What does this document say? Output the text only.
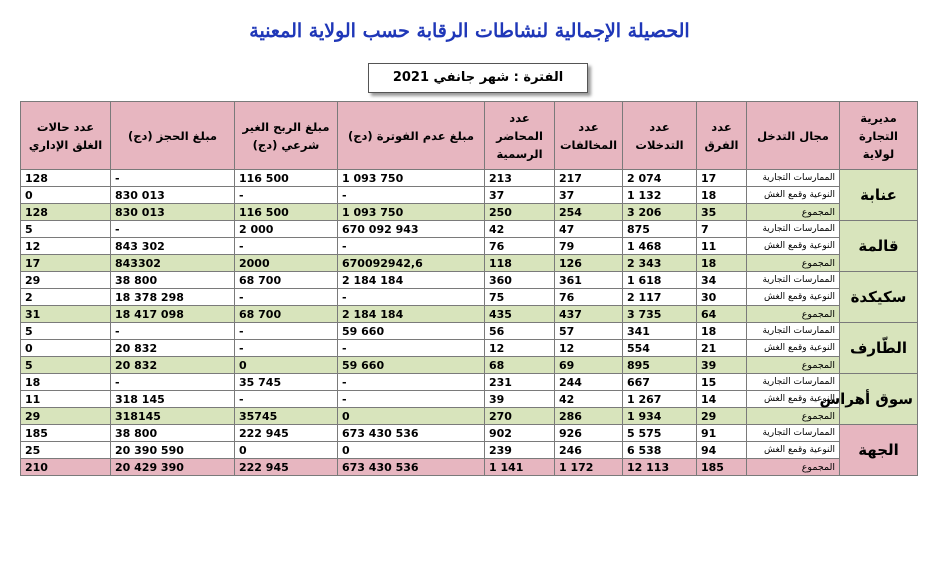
الحصيلة الإجمالية لنشاطات الرقابة حسب الولاية المعنية
الفترة : شهر جانفي 2021
مديرية التجارة لولاية	مجال التدخل	عدد الفرق	عدد التدخلات	عدد المخالفات	عدد المحاضر الرسمية	مبلغ عدم الفوترة (دج)	مبلغ الربح الغير شرعي (دج)	مبلغ الحجز (دج)	عدد حالات الغلق الإداري
عنابة	الممارسات التجارية	17	2 074	217	213	1 093 750	116 500	-	128
	النوعية وقمع الغش	18	1 132	37	37	-	-	830 013	0
	المجموع	35	3 206	254	250	1 093 750	116 500	830 013	128
قالمة	الممارسات التجارية	7	875	47	42	670 092 943	2 000	-	5
	النوعية وقمع الغش	11	1 468	79	76	-	-	843 302	12
	المجموع	18	2 343	126	118	670092942,6	2000	843302	17
سكيكدة	الممارسات التجارية	34	1 618	361	360	2 184 184	68 700	38 800	29
	النوعية وقمع الغش	30	2 117	76	75	-	-	18 378 298	2
	المجموع	64	3 735	437	435	2 184 184	68 700	18 417 098	31
الطّارف	الممارسات التجارية	18	341	57	56	59 660	-	-	5
	النوعية وقمع الغش	21	554	12	12	-	-	20 832	0
	المجموع	39	895	69	68	59 660	0	20 832	5
سوق أهراس	الممارسات التجارية	15	667	244	231	-	35 745	-	18
	النوعية وقمع الغش	14	1 267	42	39	-	-	318 145	11
	المجموع	29	1 934	286	270	0	35745	318145	29
الجهة	الممارسات التجارية	91	5 575	926	902	673 430 536	222 945	38 800	185
	النوعية وقمع الغش	94	6 538	246	239	0	0	20 390 590	25
	المجموع	185	12 113	1 172	1 141	673 430 536	222 945	20 429 390	210
